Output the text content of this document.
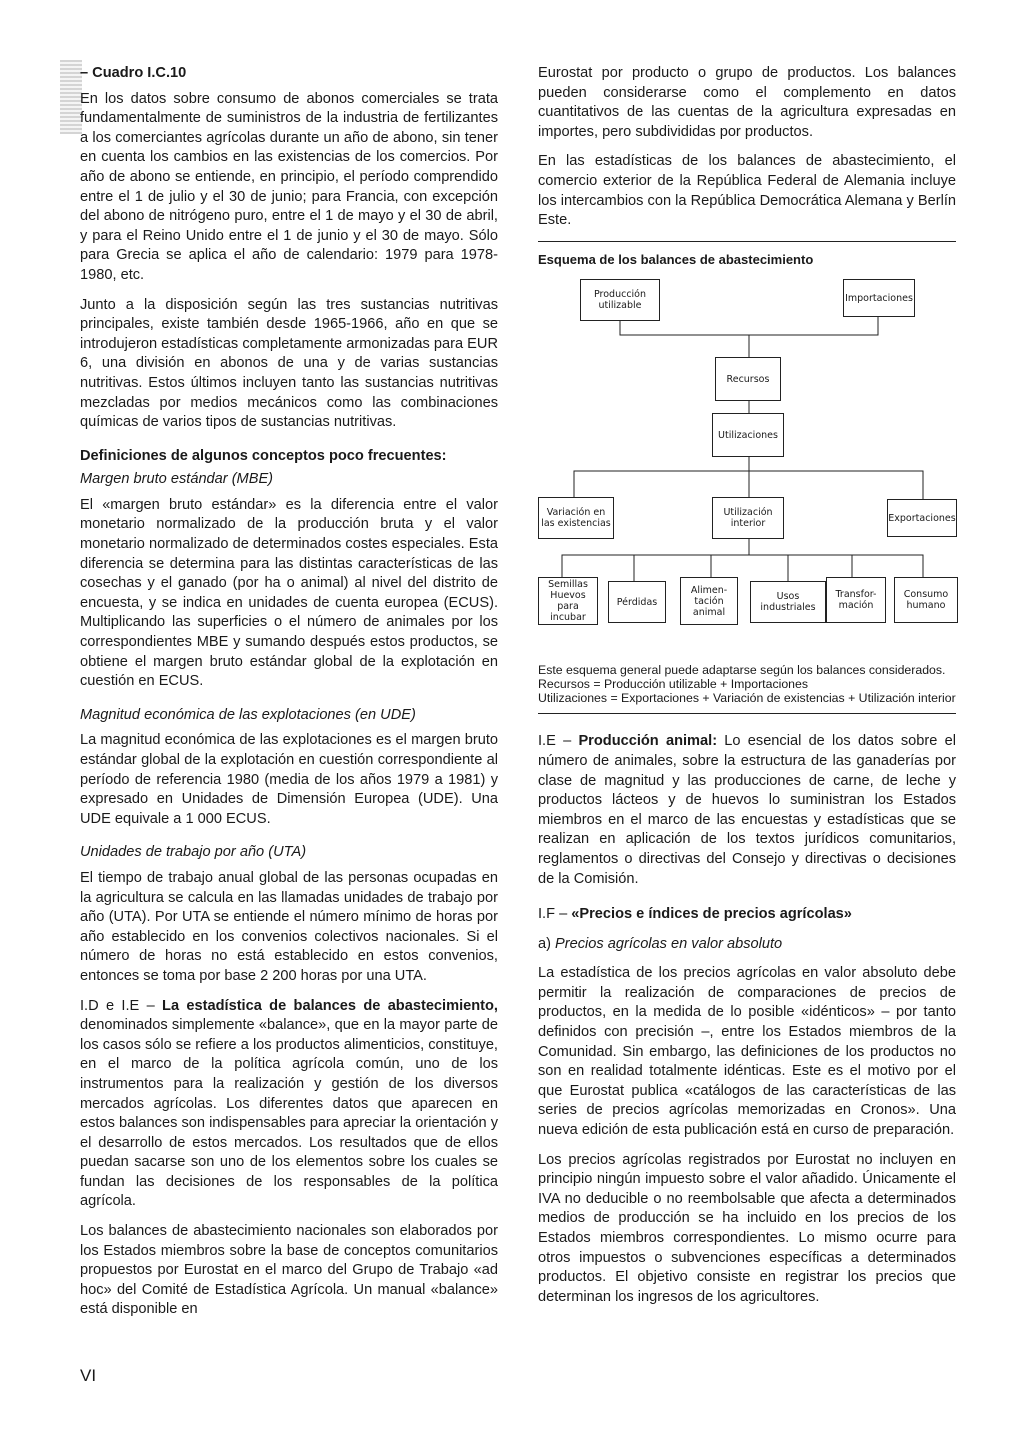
– Cuadro I.C.10

En los datos sobre consumo de abonos comerciales se trata fundamentalmente de suministros de la industria de fertilizantes a los comerciantes agrícolas durante un año de abono, sin tener en cuenta los cambios en las existencias de los comercios. Por año de abono se entiende, en principio, el período comprendido entre el 1 de julio y el 30 de junio; para Francia, con excepción del abono de nitrógeno puro, entre el 1 de mayo y el 30 de abril, y para el Reino Unido entre el 1 de junio y el 30 de mayo. Sólo para Grecia se aplica el año de calendario: 1979 para 1978-1980, etc.

Junto a la disposición según las tres sustancias nutritivas principales, existe también desde 1965-1966, año en que se introdujeron estadísticas completamente armonizadas para EUR 6, una división en abonos de una y de varias sustancias nutritivas. Estos últimos incluyen tanto las sustancias nutritivas mezcladas por medios mecánicos como las combinaciones químicas de varios tipos de sustancias nutritivas.

Definiciones de algunos conceptos poco frecuentes:

Margen bruto estándar (MBE)

El «margen bruto estándar» es la diferencia entre el valor monetario normalizado de la producción bruta y el valor monetario normalizado de determinados costes especiales. Esta diferencia se determina para las distintas características de las cosechas y el ganado (por ha o animal) al nivel del distrito de encuesta, y se indica en unidades de cuenta europea (ECUS). Multiplicando las superficies o el número de animales por los correspondientes MBE y sumando después estos productos, se obtiene el margen bruto estándar global de la explotación en cuestión en ECUS.

Magnitud económica de las explotaciones (en UDE)

La magnitud económica de las explotaciones es el margen bruto estándar global de la explotación en cuestión correspondiente al período de referencia 1980 (media de los años 1979 a 1981) y expresado en Unidades de Dimensión Europea (UDE). Una UDE equivale a 1 000 ECUS.

Unidades de trabajo por año (UTA)

El tiempo de trabajo anual global de las personas ocupadas en la agricultura se calcula en las llamadas unidades de trabajo por año (UTA). Por UTA se entiende el número mínimo de horas por año establecido en los convenios colectivos nacionales. Si el número de horas no está establecido en estos convenios, entonces se toma por base 2 200 horas por una UTA.

I.D e I.E – La estadística de balances de abastecimiento, denominados simplemente «balance», que en la mayor parte de los casos sólo se refiere a los productos alimenticios, constituye, en el marco de la política agrícola común, uno de los instrumentos para la realización y gestión de los diversos mercados agrícolas. Los diferentes datos que aparecen en estos balances son indispensables para apreciar la orientación y el desarrollo de estos mercados. Los resultados que de ellos puedan sacarse son uno de los elementos sobre los cuales se fundan las decisiones de los responsables de la política agrícola.

Los balances de abastecimiento nacionales son elaborados por los Estados miembros sobre la base de conceptos comunitarios propuestos por Eurostat en el marco del Grupo de Trabajo «ad hoc» del Comité de Estadística Agrícola. Un manual «balance» está disponible en

Eurostat por producto o grupo de productos. Los balances pueden considerarse como el complemento en datos cuantitativos de las cuentas de la agricultura expresadas en importes, pero subdivididas por productos.

En las estadísticas de los balances de abastecimiento, el comercio exterior de la República Federal de Alemania incluye los intercambios con la República Democrática Alemana y Berlín Este.

Esquema de los balances de abastecimiento

Producción
utilizable
Importaciones
Recursos
Utilizaciones
Variación en
las existencias
Utilización
interior	Exportaciones
Semillas
Huevos
para incubar
Pérdidas
Alimen-
tación
animal
Usos
industriales
Transfor-
mación
Consumo
humano

Este esquema general puede adaptarse según los balances considerados.

Recursos = Producción utilizable + Importaciones

Utilizaciones = Exportaciones + Variación de existencias + Utilización interior

I.E – Producción animal: Lo esencial de los datos sobre el número de animales, sobre la estructura de las ganaderías por clase de magnitud y las producciones de carne, de leche y productos lácteos y de huevos lo suministran los Estados miembros en el marco de las encuestas y estadísticas que se realizan en aplicación de los textos jurídicos comunitarios, reglamentos o directivas del Consejo y directivas o decisiones de la Comisión.

I.F – «Precios e índices de precios agrícolas»

a) Precios agrícolas en valor absoluto

La estadística de los precios agrícolas en valor absoluto debe permitir la realización de comparaciones de precios de productos, en la medida de lo posible «idénticos» – por tanto definidos con precisión –, entre los Estados miembros de la Comunidad. Sin embargo, las definiciones de los productos no son en realidad totalmente idénticas. Este es el motivo por el que Eurostat publica «catálogos de las características de las series de precios agrícolas memorizadas en Cronos». Una nueva edición de esta publicación está en curso de preparación.

Los precios agrícolas registrados por Eurostat no incluyen en principio ningún impuesto sobre el valor añadido. Únicamente el IVA no deducible o no reembolsable que afecta a determinados medios de producción se ha incluido en los precios de los Estados miembros correspondientes. Lo mismo ocurre para otros impuestos o subvenciones específicas a determinados productos. El objetivo consiste en registrar los precios que determinan los ingresos de los agricultores.

VI
